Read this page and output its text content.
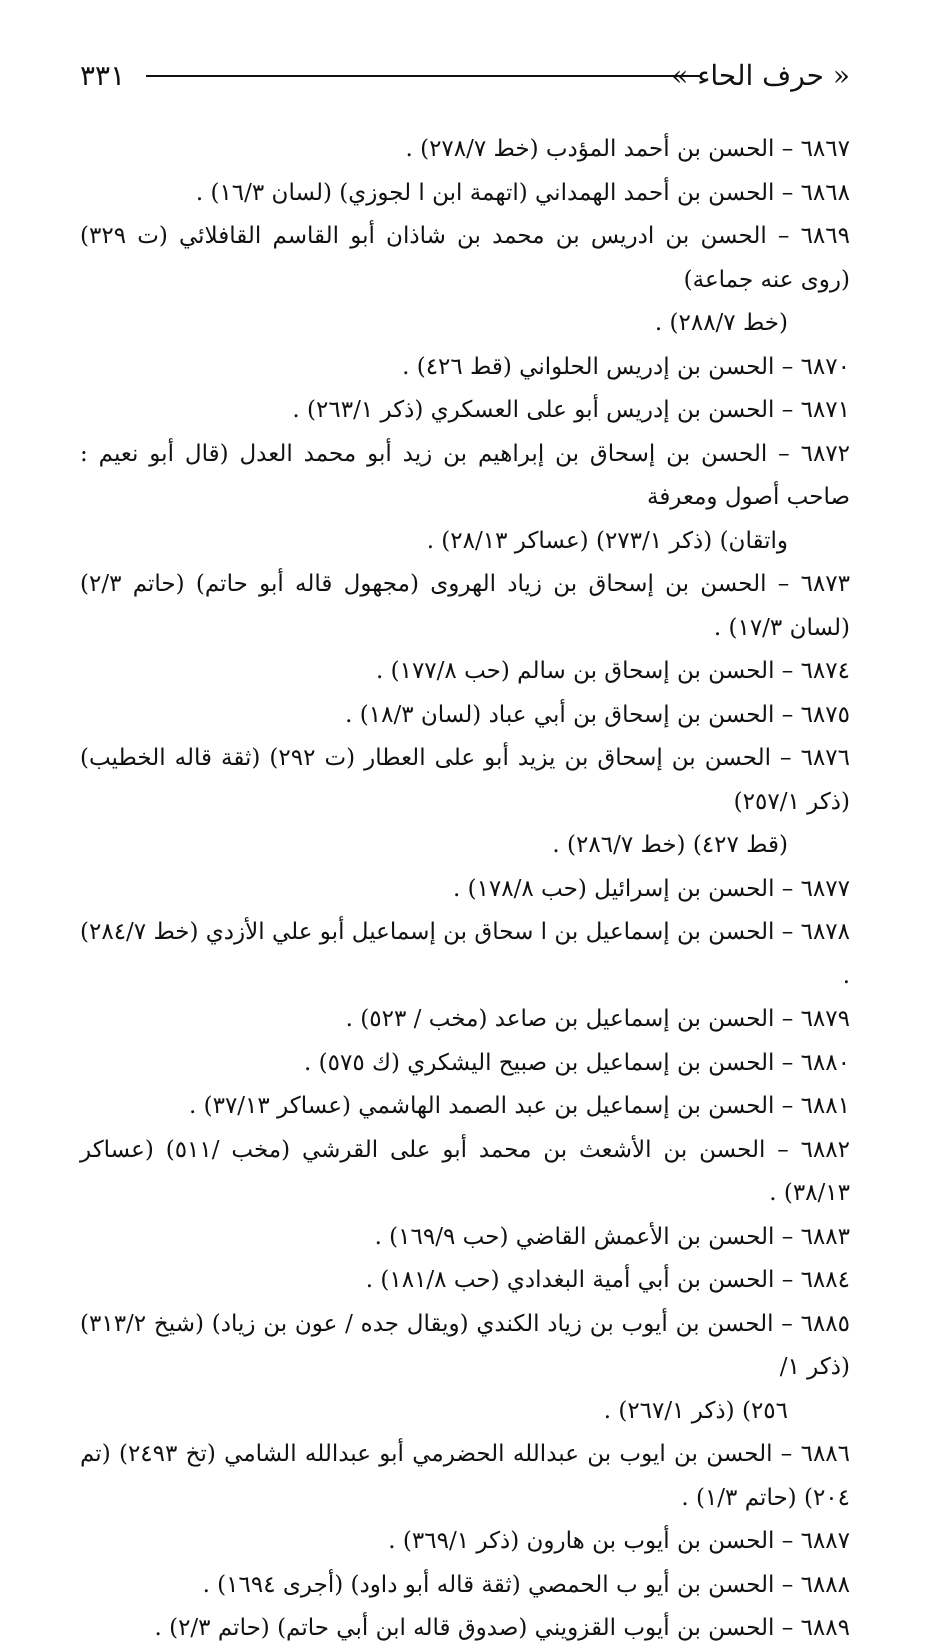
« حرف الحاء »
٣٣١
٦٨٦٧ – الحسن بن أحمد المؤدب (خط ٢٧٨/٧) .
٦٨٦٨ – الحسن بن أحمد الهمداني (اتهمة ابن ا لجوزي) (لسان ١٦/٣) .
٦٨٦٩ – الحسن بن ادريس بن محمد بن شاذان أبو القاسم القافلائي (ت ٣٢٩) (روى عنه جماعة)
(خط ٢٨٨/٧) .
٦٨٧٠ – الحسن بن إدريس الحلواني (قط ٤٢٦) .
٦٨٧١ – الحسن بن إدريس أبو على العسكري (ذكر ٢٦٣/١) .
٦٨٧٢ – الحسن بن إسحاق بن إبراهيم بن زيد أبو محمد العدل (قال أبو نعيم : صاحب أصول ومعرفة
واتقان) (ذكر ٢٧٣/١) (عساكر ٢٨/١٣) .
٦٨٧٣ – الحسن بن إسحاق بن زياد الهروى (مجهول قاله أبو حاتم) (حاتم ٢/٣) (لسان ١٧/٣) .
٦٨٧٤ – الحسن بن إسحاق بن سالم (حب ١٧٧/٨) .
٦٨٧٥ – الحسن بن إسحاق بن أبي عباد (لسان ١٨/٣) .
٦٨٧٦ – الحسن بن إسحاق بن يزيد أبو على العطار (ت ٢٩٢) (ثقة قاله الخطيب) (ذكر ٢٥٧/١)
(قط ٤٢٧) (خط ٢٨٦/٧) .
٦٨٧٧ – الحسن بن إسرائيل (حب ١٧٨/٨) .
٦٨٧٨ – الحسن بن إسماعيل بن ا سحاق بن إسماعيل أبو علي الأزدي (خط ٢٨٤/٧) .
٦٨٧٩ – الحسن بن إسماعيل بن صاعد (مخب / ٥٢٣) .
٦٨٨٠ – الحسن بن إسماعيل بن صبيح اليشكري (ك ٥٧٥) .
٦٨٨١ – الحسن بن إسماعيل بن عبد الصمد الهاشمي (عساكر ٣٧/١٣) .
٦٨٨٢ – الحسن بن الأشعث بن محمد أبو على القرشي (مخب /٥١١) (عساكر ٣٨/١٣) .
٦٨٨٣ – الحسن بن الأعمش القاضي (حب ١٦٩/٩) .
٦٨٨٤ – الحسن بن أبي أمية البغدادي (حب ١٨١/٨) .
٦٨٨٥ – الحسن بن أيوب بن زياد الكندي (ويقال جده / عون بن زياد) (شيخ ٣١٣/٢) (ذكر ١/
٢٥٦) (ذكر ٢٦٧/١) .
٦٨٨٦ – الحسن بن ايوب بن عبدالله الحضرمي أبو عبدالله الشامي (تخ ٢٤٩٣) (تم ٢٠٤) (حاتم ١/٣) .
٦٨٨٧ – الحسن بن أيوب بن هارون (ذكر ٣٦٩/١) .
٦٨٨٨ – الحسن بن أيو ب الحمصي (ثقة قاله أبو داود) (أجرى ١٦٩٤) .
٦٨٨٩ – الحسن بن أيوب القزويني (صدوق قاله ابن أبي حاتم) (حاتم ٢/٣) .
